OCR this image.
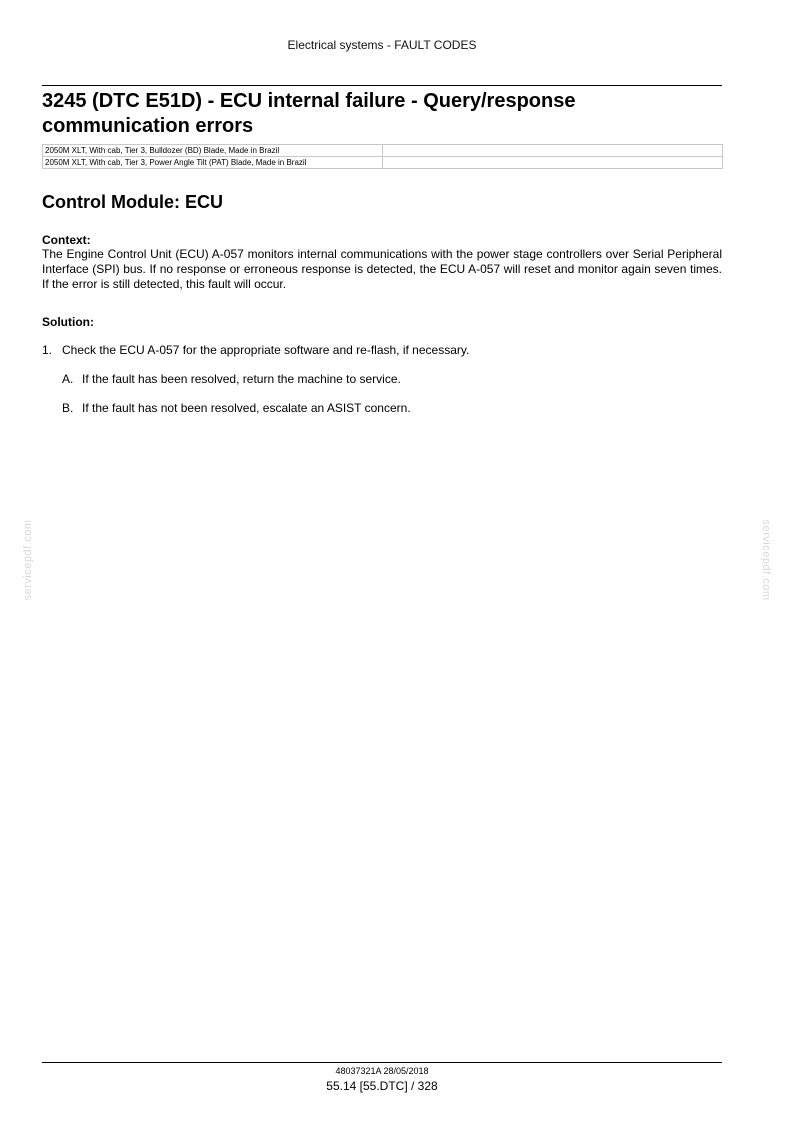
Electrical systems - FAULT CODES
3245 (DTC E51D) - ECU internal failure - Query/response communication errors
2050M XLT, With cab, Tier 3, Bulldozer (BD) Blade, Made in Brazil	
2050M XLT, With cab, Tier 3, Power Angle Tilt (PAT) Blade, Made in Brazil	
Control Module: ECU

Context:

The Engine Control Unit (ECU) A-057 monitors internal communications with the power stage controllers over Serial Peripheral Interface (SPI) bus. If no response or erroneous response is detected, the ECU A-057 will reset and monitor again seven times. If the error is still detected, this fault will occur.

Solution:

1. Check the ECU A-057 for the appropriate software and re-flash, if necessary.

A. If the fault has been resolved, return the machine to service.

B. If the fault has not been resolved, escalate an ASIST concern.

servicepdf.com	servicepdf.com
48037321A 28/05/2018
55.14 [55.DTC] / 328
